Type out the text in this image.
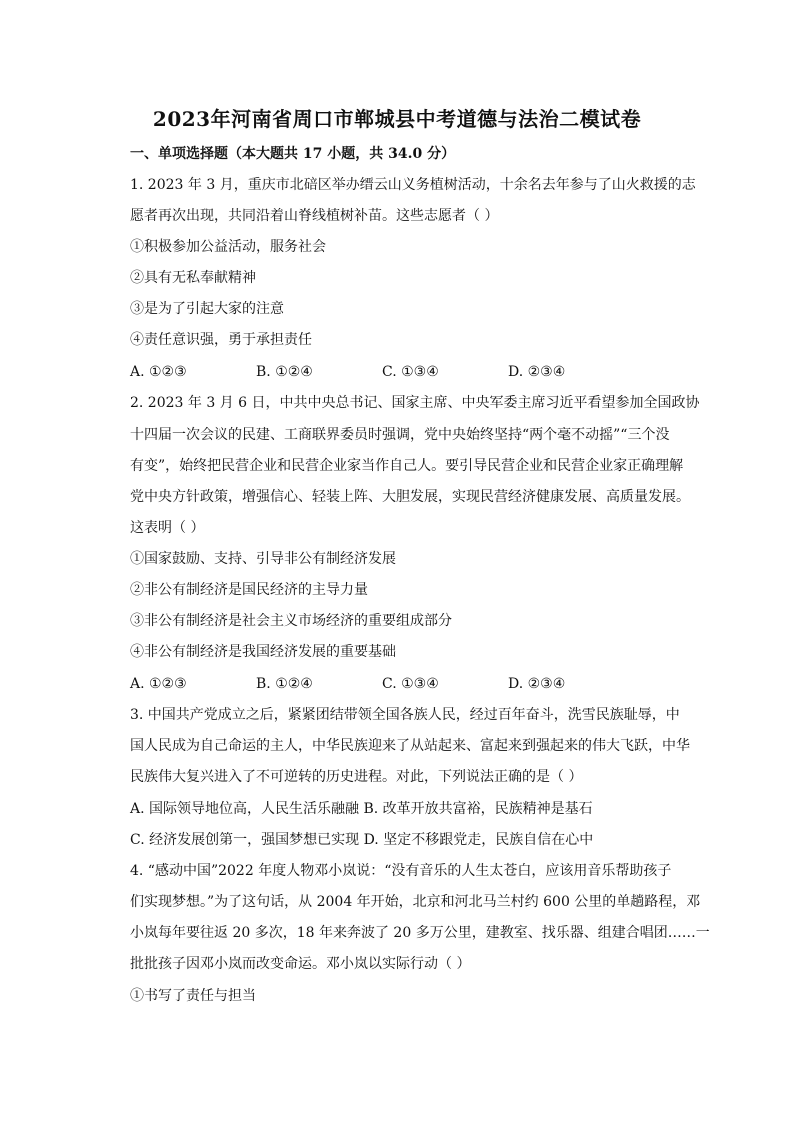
2023年河南省周口市郸城县中考道德与法治二模试卷
一、单项选择题（本大题共 17 小题，共 34.0 分）
1. 2023 年 3 月，重庆市北碚区举办缙云山义务植树活动，十余名去年参与了山火救援的志
愿者再次出现，共同沿着山脊线植树补苗。这些志愿者（ ）
①积极参加公益活动，服务社会
②具有无私奉献精神
③是为了引起大家的注意
④责任意识强，勇于承担责任
A. ①②③	B. ①②④	C. ①③④	D. ②③④
2. 2023 年 3 月 6 日，中共中央总书记、国家主席、中央军委主席习近平看望参加全国政协
十四届一次会议的民建、工商联界委员时强调，党中央始终坚持“两个毫不动摇”“三个没
有变”，始终把民营企业和民营企业家当作自己人。要引导民营企业和民营企业家正确理解
党中央方针政策，增强信心、轻装上阵、大胆发展，实现民营经济健康发展、高质量发展。
这表明（ ）
①国家鼓励、支持、引导非公有制经济发展
②非公有制经济是国民经济的主导力量
③非公有制经济是社会主义市场经济的重要组成部分
④非公有制经济是我国经济发展的重要基础
A. ①②③	B. ①②④	C. ①③④	D. ②③④
3. 中国共产党成立之后，紧紧团结带领全国各族人民，经过百年奋斗，洗雪民族耻辱，中
国人民成为自己命运的主人，中华民族迎来了从站起来、富起来到强起来的伟大飞跃，中华
民族伟大复兴进入了不可逆转的历史进程。对此，下列说法正确的是（ ）
A. 国际领导地位高，人民生活乐融融 B. 改革开放共富裕，民族精神是基石
C. 经济发展创第一，强国梦想已实现 D. 坚定不移跟党走，民族自信在心中
4. “感动中国”2022 年度人物邓小岚说：“没有音乐的人生太苍白，应该用音乐帮助孩子
们实现梦想。”为了这句话，从 2004 年开始，北京和河北马兰村约 600 公里的单趟路程，邓
小岚每年要往返 20 多次，18 年来奔波了 20 多万公里，建教室、找乐器、组建合唱团……一
批批孩子因邓小岚而改变命运。邓小岚以实际行动（ ）
①书写了责任与担当
